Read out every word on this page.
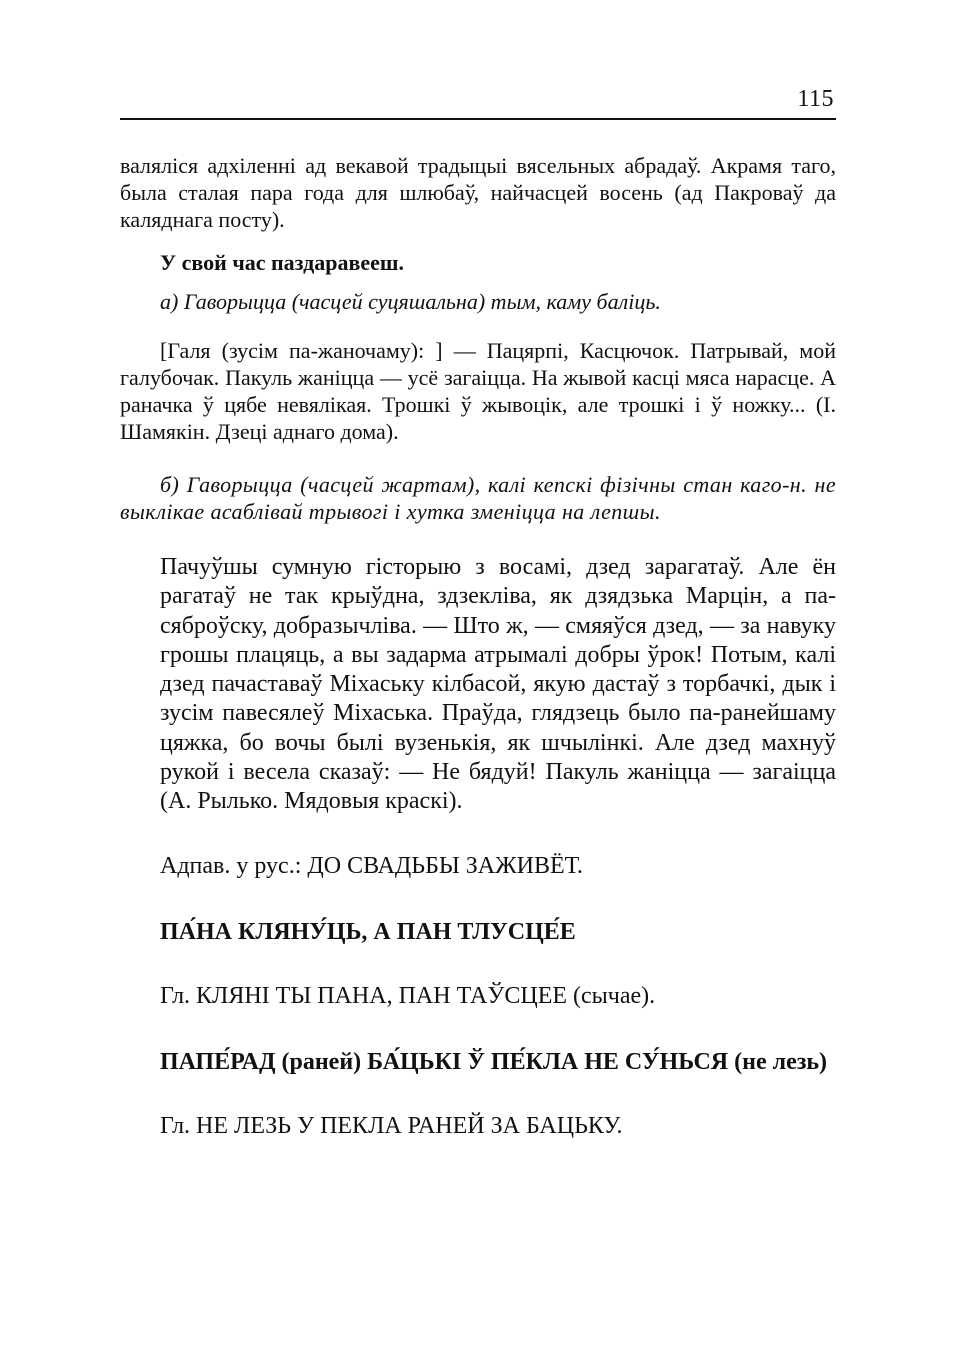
115

валяліся адхіленні ад векавой традыцыі вясельных абрадаў. Акрамя таго, была сталая пара года для шлюбаў, найчасцей восень (ад Пакроваў да каляднага посту).

У свой час паздаравееш.

а) Гаворыцца (часцей суцяшальна) тым, каму баліць.

[Галя (зусім па-жаночаму): ] — Пацярпі, Касцючок. Патрывай, мой галубочак. Пакуль жаніцца — усё загаіцца. На жывой касці мяса нарасце. А раначка ў цябе невялікая. Трошкі ў жывоцік, але трошкі і ў ножку... (І. Шамякін. Дзеці аднаго дома).

б) Гаворыцца (часцей жартам), калі кепскі фізічны стан каго-н. не выклікае асаблівай трывогі і хутка зменіцца на лепшы.

Пачуўшы сумную гісторыю з восамі, дзед зарагатаў. Але ён рагатаў не так крыўдна, здзекліва, як дзядзька Марцін, а па-сяброўску, добразычліва. — Што ж, — смяяўся дзед, — за навуку грошы плацяць, а вы задарма атрымалі добры ўрок! Потым, калі дзед пачаставаў Міхаську кілбасой, якую дастаў з торбачкі, дык і зусім павесялеў Міхаська. Праўда, глядзець было па-ранейшаму цяжка, бо вочы былі вузенькія, як шчылінкі. Але дзед махнуў рукой і весела сказаў: — Не бядуй! Пакуль жаніцца — загаіцца (А. Рылько. Мядовыя краскі).

Адпав. у рус.: ДО СВАДЬБЫ ЗАЖИВЁТ.

ПА́НА КЛЯНУ́ЦЬ, А ПАН ТЛУСЦЕ́Е

Гл. КЛЯНІ ТЫ ПАНА, ПАН ТАЎСЦЕЕ (сычае).

ПАПЕ́РАД (раней) БА́ЦЬКІ Ў ПЕ́КЛА НЕ СУ́НЬСЯ (не лезь)

Гл. НЕ ЛЕЗЬ У ПЕКЛА РАНЕЙ ЗА БАЦЬКУ.
